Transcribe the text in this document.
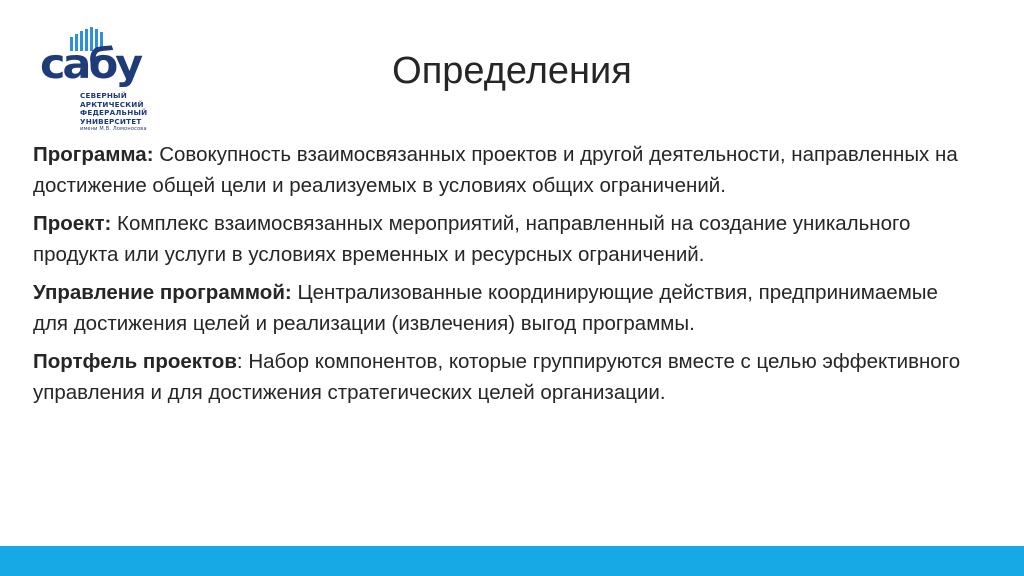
caбу
СЕВЕРНЫЙ
АРКТИЧЕСКИЙ
ФЕДЕРАЛЬНЫЙ
УНИВЕРСИТЕТ
имени М.В. Ломоносова
Определения

Программа: Совокупность взаимосвязанных проектов и другой деятельности, направленных на достижение общей цели и реализуемых в условиях общих ограничений.

Проект: Комплекс взаимосвязанных мероприятий, направленный на создание уникального продукта или услуги в условиях временных и ресурсных ограничений.

Управление программой: Централизованные координирующие действия, предпринимаемые для достижения целей и реализации (извлечения) выгод программы.

Портфель проектов: Набор компонентов, которые группируются вместе с целью эффективного управления и для достижения стратегических целей организации.
